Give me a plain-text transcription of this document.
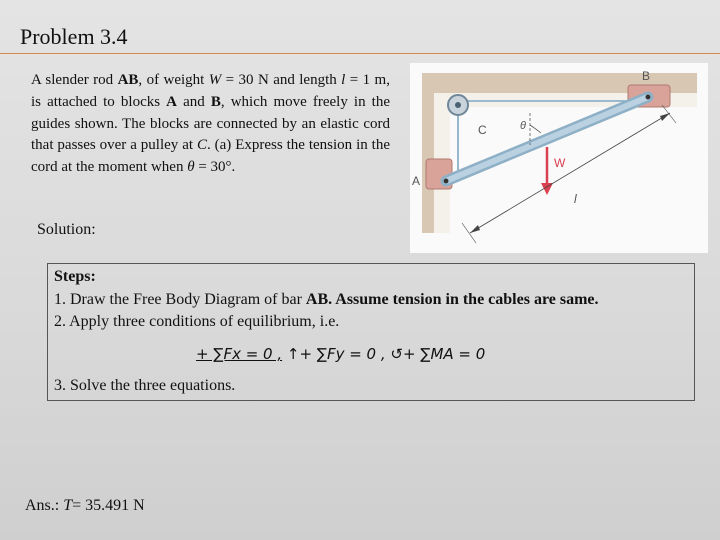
Problem 3.4
A slender rod AB, of weight W = 30 N and length l = 1 m, is attached to blocks A and B, which move freely in the guides shown. The blocks are connected by an elastic cord that passes over a pulley at C. (a) Express the tension in the cord at the moment when θ = 30°.
B
A
C
W
l
θ
Solution:
Steps:
1. Draw the Free Body Diagram of bar AB. Assume tension in the cables are same.
2. Apply three conditions of equilibrium, i.e.
3. Solve the three equations.
+ ∑Fx = 0 , ↑+ ∑Fy = 0 , ↺+ ∑MA = 0
Ans.: T= 35.491 N
